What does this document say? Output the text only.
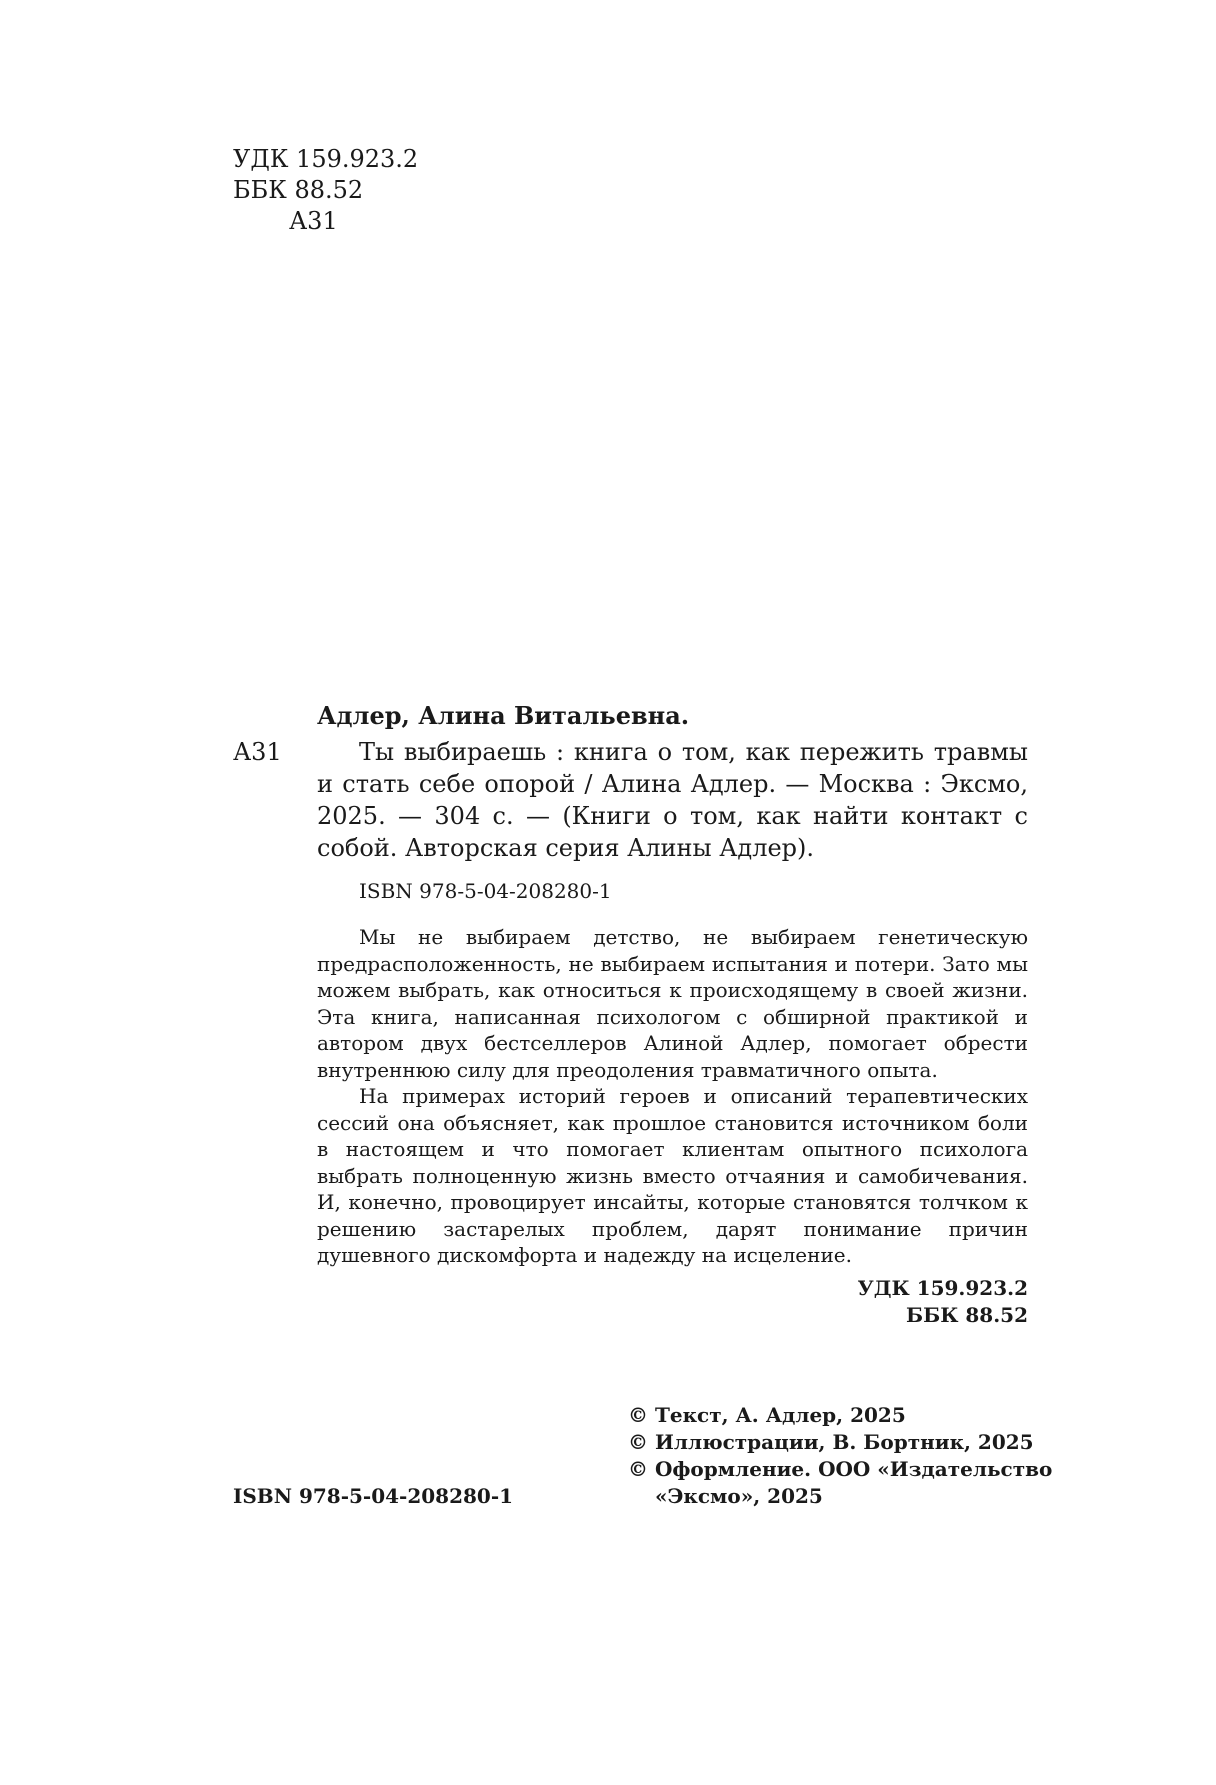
УДК 159.923.2
ББК 88.52
А31
А31
Адлер, Алина Витальевна.

Ты выбираешь : книга о том, как пережить травмы и стать себе опорой / Алина Адлер. — Москва : Эксмо, 2025. — 304 с. — (Книги о том, как найти контакт с собой. Авторская серия Алины Адлер).

ISBN 978-5-04-208280-1

Мы не выбираем детство, не выбираем генетическую предрасположенность, не выбираем испытания и потери. Зато мы можем выбрать, как относиться к происходящему в своей жизни. Эта книга, написанная психологом с обширной практикой и автором двух бестселлеров Алиной Адлер, помогает обрести внутреннюю силу для преодоления травматичного опыта.

На примерах историй героев и описаний терапевтических сессий она объясняет, как прошлое становится источником боли в настоящем и что помогает клиентам опытного психолога выбрать полноценную жизнь вместо отчаяния и самобичевания. И, конечно, провоцирует инсайты, которые становятся толчком к решению застарелых проблем, дарят понимание причин душевного дискомфорта и надежду на исцеление.

УДК 159.923.2
ББК 88.52
© Текст, А. Адлер, 2025
© Иллюстрации, В. Бортник, 2025
© Оформление. ООО «Издательство
«Эксмо», 2025
ISBN 978-5-04-208280-1
